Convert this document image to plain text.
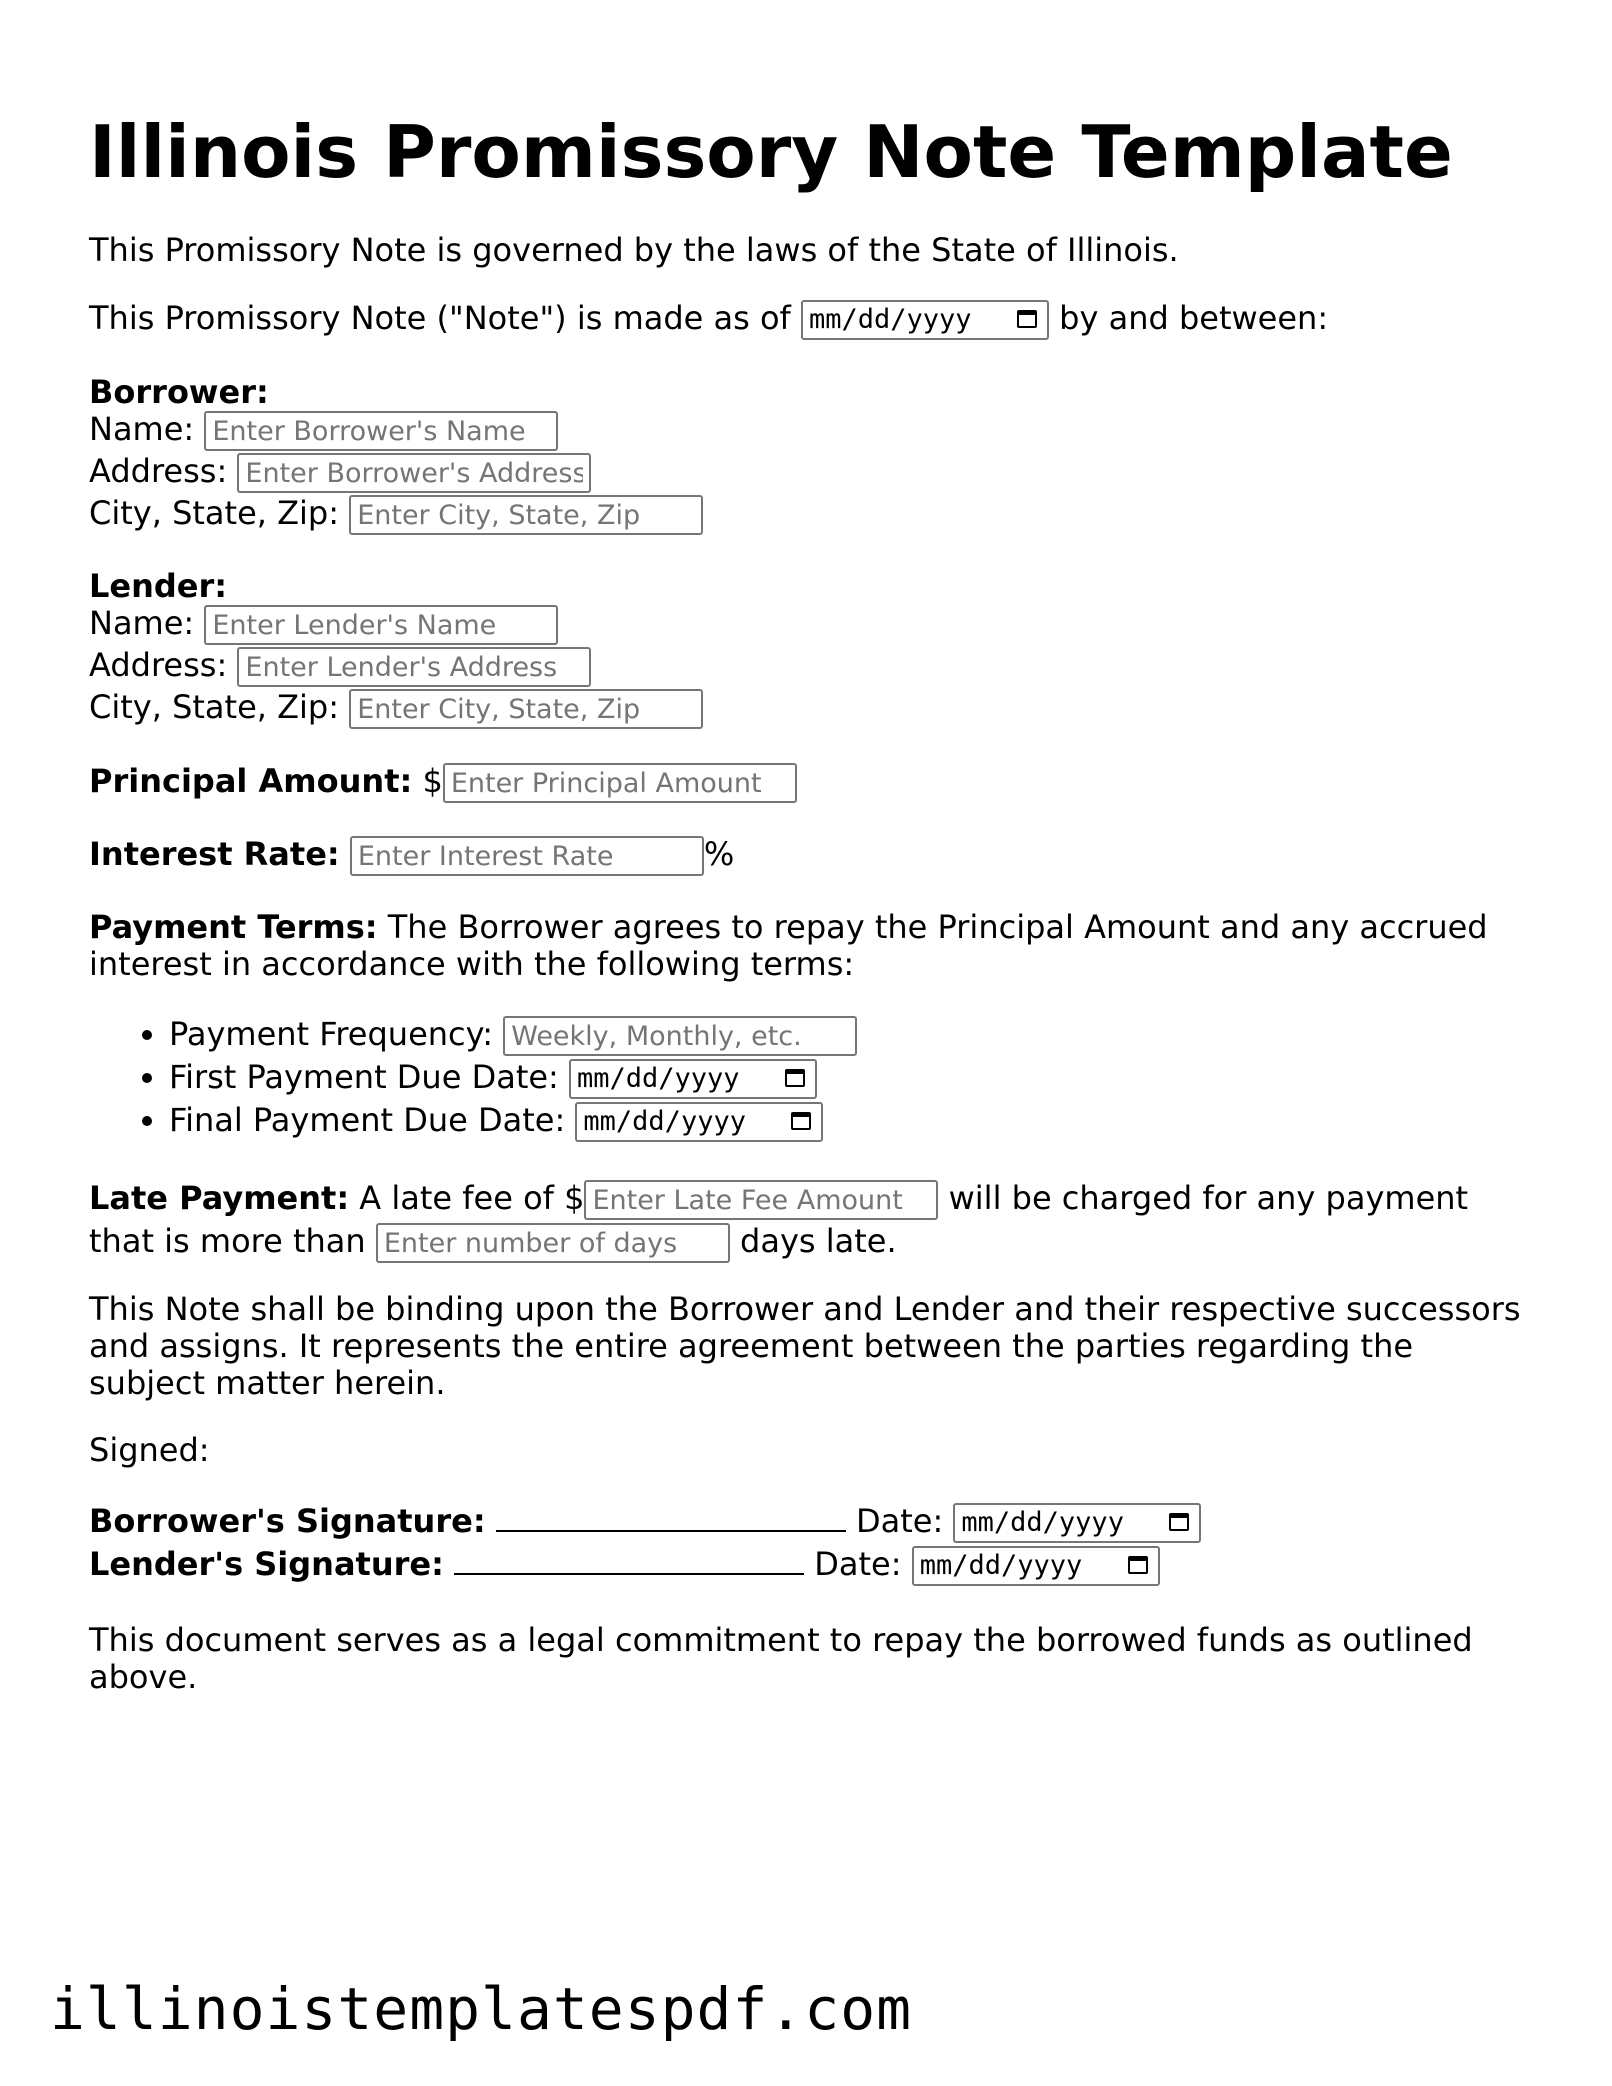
Illinois Promissory Note Template

This Promissory Note is governed by the laws of the State of Illinois.

This Promissory Note ("Note") is made as of mm/dd/yyyy	by and between:

Borrower:
Name: Enter Borrower's Name
Address: Enter Borrower's Address
City, State, Zip: Enter City, State, Zip
Lender:
Name: Enter Lender's Name
Address: Enter Lender's Address
City, State, Zip: Enter City, State, Zip
Principal Amount: $Enter Principal Amount
Interest Rate: Enter Interest Rate	%

Payment Terms: The Borrower agrees to repay the Principal Amount and any accrued interest in accordance with the following terms:

• Payment Frequency: Weekly, Monthly, etc.
• First Payment Due Date: mm/dd/yyyy
• Final Payment Due Date: mm/dd/yyyy
Late Payment: A late fee of $Enter Late Fee Amount	will be charged for any payment that is more than Enter number of days	days late.

This Note shall be binding upon the Borrower and Lender and their respective successors and assigns. It represents the entire agreement between the parties regarding the subject matter herein.

Signed:

Borrower's Signature:	Date: mm/dd/yyyy
Lender's Signature:	Date: mm/dd/yyyy

This document serves as a legal commitment to repay the borrowed funds as outlined above.

illinoistemplatespdf.com
